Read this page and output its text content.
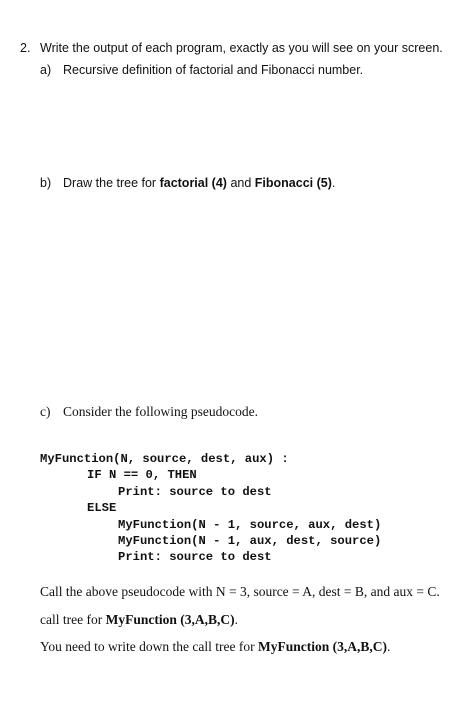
2. Write the output of each program, exactly as you will see on your screen.
a) Recursive definition of factorial and Fibonacci number.
b) Draw the tree for factorial (4) and Fibonacci (5).
c) Consider the following pseudocode.
MyFunction(N, source, dest, aux) :
IF N == 0, THEN
Print: source to dest
ELSE
MyFunction(N - 1, source, aux, dest)
MyFunction(N - 1, aux, dest, source)
Print: source to dest
Call the above pseudocode with N = 3, source = A, dest = B, and aux = C.
call tree for MyFunction (3,A,B,C).
You need to write down the call tree for MyFunction (3,A,B,C).
